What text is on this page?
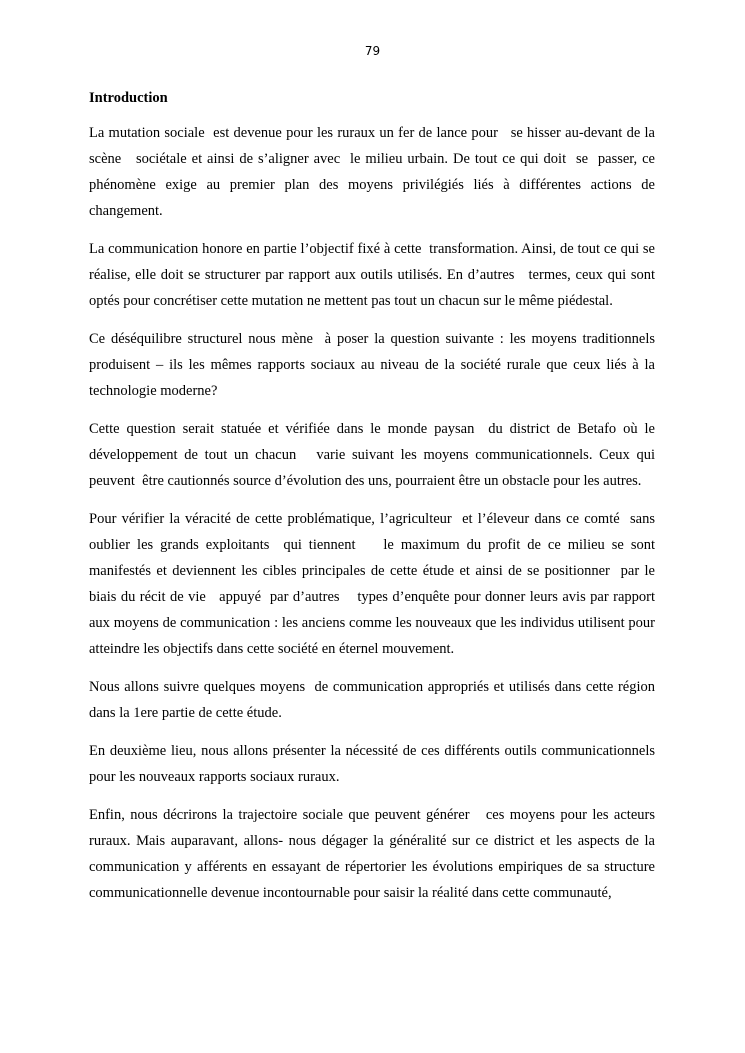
79
Introduction

La mutation sociale  est devenue pour les ruraux un fer de lance pour   se hisser au-devant de la scène   sociétale et ainsi de s’aligner avec  le milieu urbain. De tout ce qui doit  se  passer, ce phénomène exige au premier plan des moyens privilégiés liés à différentes actions de changement.

La communication honore en partie l’objectif fixé à cette  transformation. Ainsi, de tout ce qui se réalise, elle doit se structurer par rapport aux outils utilisés. En d’autres   termes, ceux qui sont optés pour concrétiser cette mutation ne mettent pas tout un chacun sur le même piédestal.

Ce déséquilibre structurel nous mène  à poser la question suivante : les moyens traditionnels produisent – ils les mêmes rapports sociaux au niveau de la société rurale que ceux liés à la technologie moderne?

Cette question serait statuée et vérifiée dans le monde paysan  du district de Betafo où le développement de tout un chacun   varie suivant les moyens communicationnels. Ceux qui peuvent  être cautionnés source d’évolution des uns, pourraient être un obstacle pour les autres.

Pour vérifier la véracité de cette problématique, l’agriculteur  et l’éleveur dans ce comté  sans oublier les grands exploitants  qui tiennent    le maximum du profit de ce milieu se sont manifestés et deviennent les cibles principales de cette étude et ainsi de se positionner  par le biais du récit de vie   appuyé  par d’autres    types d’enquête pour donner leurs avis par rapport aux moyens de communication : les anciens comme les nouveaux que les individus utilisent pour atteindre les objectifs dans cette société en éternel mouvement.

Nous allons suivre quelques moyens  de communication appropriés et utilisés dans cette région dans la 1ere partie de cette étude.

En deuxième lieu, nous allons présenter la nécessité de ces différents outils communicationnels pour les nouveaux rapports sociaux ruraux.

Enfin, nous décrirons la trajectoire sociale que peuvent générer   ces moyens pour les acteurs ruraux. Mais auparavant, allons- nous dégager la généralité sur ce district et les aspects de la communication y afférents en essayant de répertorier les évolutions empiriques de sa structure communicationnelle devenue incontournable pour saisir la réalité dans cette communauté,
